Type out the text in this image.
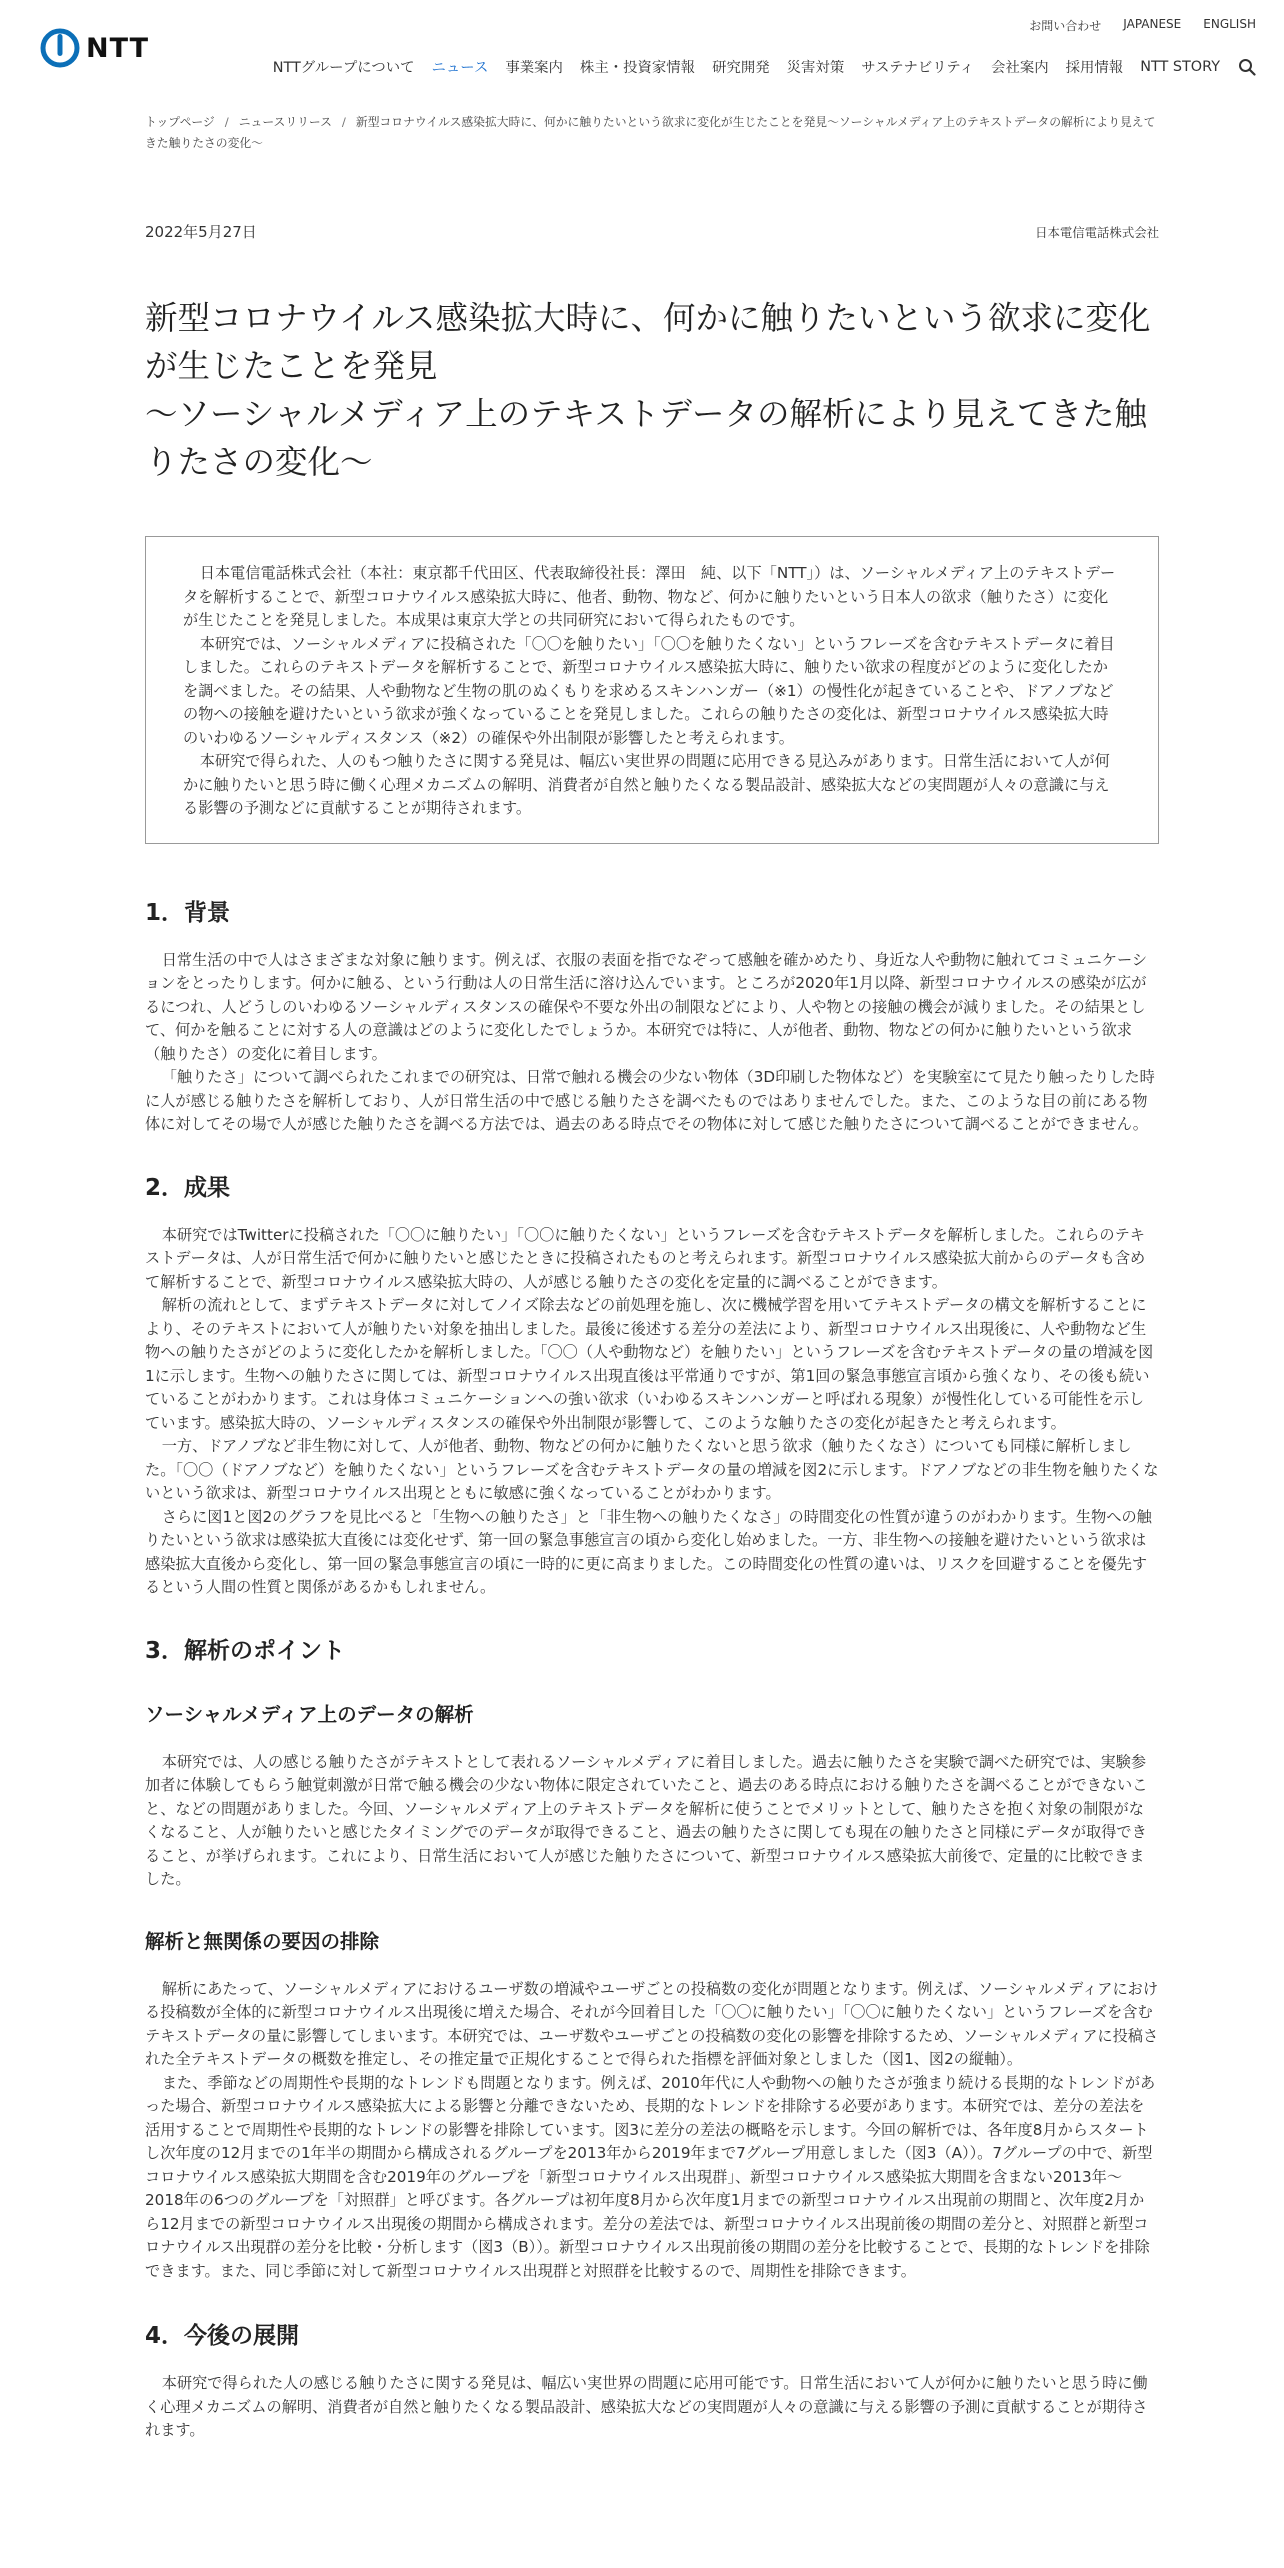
NTT
お問い合わせ JAPANESE ENGLISH
NTTグループについて ニュース 事業案内 株主・投資家情報 研究開発 災害対策 サステナビリティ 会社案内 採用情報 NTT STORY
トップページ / ニュースリリース / 新型コロナウイルス感染拡大時に、何かに触りたいという欲求に変化が生じたことを発見～ソーシャルメディア上のテキストデータの解析により見えてきた触りたさの変化～
2022年5月27日	日本電信電話株式会社
新型コロナウイルス感染拡大時に、何かに触りたいという欲求に変化が生じたことを発見
～ソーシャルメディア上のテキストデータの解析により見えてきた触りたさの変化～

日本電信電話株式会社（本社：東京都千代田区、代表取締役社長：澤田　純、以下「NTT」）は、ソーシャルメディア上のテキストデータを解析することで、新型コロナウイルス感染拡大時に、他者、動物、物など、何かに触りたいという日本人の欲求（触りたさ）に変化が生じたことを発見しました。本成果は東京大学との共同研究において得られたものです。

本研究では、ソーシャルメディアに投稿された「〇〇を触りたい」「〇〇を触りたくない」というフレーズを含むテキストデータに着目しました。これらのテキストデータを解析することで、新型コロナウイルス感染拡大時に、触りたい欲求の程度がどのように変化したかを調べました。その結果、人や動物など生物の肌のぬくもりを求めるスキンハンガー（※1）の慢性化が起きていることや、ドアノブなどの物への接触を避けたいという欲求が強くなっていることを発見しました。これらの触りたさの変化は、新型コロナウイルス感染拡大時のいわゆるソーシャルディスタンス（※2）の確保や外出制限が影響したと考えられます。

本研究で得られた、人のもつ触りたさに関する発見は、幅広い実世界の問題に応用できる見込みがあります。日常生活において人が何かに触りたいと思う時に働く心理メカニズムの解明、消費者が自然と触りたくなる製品設計、感染拡大などの実問題が人々の意識に与える影響の予測などに貢献することが期待されます。

1．背景

日常生活の中で人はさまざまな対象に触ります。例えば、衣服の表面を指でなぞって感触を確かめたり、身近な人や動物に触れてコミュニケーションをとったりします。何かに触る、という行動は人の日常生活に溶け込んでいます。ところが2020年1月以降、新型コロナウイルスの感染が広がるにつれ、人どうしのいわゆるソーシャルディスタンスの確保や不要な外出の制限などにより、人や物との接触の機会が減りました。その結果として、何かを触ることに対する人の意識はどのように変化したでしょうか。本研究では特に、人が他者、動物、物などの何かに触りたいという欲求（触りたさ）の変化に着目します。

「触りたさ」について調べられたこれまでの研究は、日常で触れる機会の少ない物体（3D印刷した物体など）を実験室にて見たり触ったりした時に人が感じる触りたさを解析しており、人が日常生活の中で感じる触りたさを調べたものではありませんでした。また、このような目の前にある物体に対してその場で人が感じた触りたさを調べる方法では、過去のある時点でその物体に対して感じた触りたさについて調べることができません。

2．成果

本研究ではTwitterに投稿された「〇〇に触りたい」「〇〇に触りたくない」というフレーズを含むテキストデータを解析しました。これらのテキストデータは、人が日常生活で何かに触りたいと感じたときに投稿されたものと考えられます。新型コロナウイルス感染拡大前からのデータも含めて解析することで、新型コロナウイルス感染拡大時の、人が感じる触りたさの変化を定量的に調べることができます。

解析の流れとして、まずテキストデータに対してノイズ除去などの前処理を施し、次に機械学習を用いてテキストデータの構文を解析することにより、そのテキストにおいて人が触りたい対象を抽出しました。最後に後述する差分の差法により、新型コロナウイルス出現後に、人や動物など生物への触りたさがどのように変化したかを解析しました。「〇〇（人や動物など）を触りたい」というフレーズを含むテキストデータの量の増減を図1に示します。生物への触りたさに関しては、新型コロナウイルス出現直後は平常通りですが、第1回の緊急事態宣言頃から強くなり、その後も続いていることがわかります。これは身体コミュニケーションへの強い欲求（いわゆるスキンハンガーと呼ばれる現象）が慢性化している可能性を示しています。感染拡大時の、ソーシャルディスタンスの確保や外出制限が影響して、このような触りたさの変化が起きたと考えられます。

一方、ドアノブなど非生物に対して、人が他者、動物、物などの何かに触りたくないと思う欲求（触りたくなさ）についても同様に解析しました。「〇〇（ドアノブなど）を触りたくない」というフレーズを含むテキストデータの量の増減を図2に示します。ドアノブなどの非生物を触りたくないという欲求は、新型コロナウイルス出現とともに敏感に強くなっていることがわかります。

さらに図1と図2のグラフを見比べると「生物への触りたさ」と「非生物への触りたくなさ」の時間変化の性質が違うのがわかります。生物への触りたいという欲求は感染拡大直後には変化せず、第一回の緊急事態宣言の頃から変化し始めました。一方、非生物への接触を避けたいという欲求は感染拡大直後から変化し、第一回の緊急事態宣言の頃に一時的に更に高まりました。この時間変化の性質の違いは、リスクを回避することを優先するという人間の性質と関係があるかもしれません。

3．解析のポイント
ソーシャルメディア上のデータの解析

本研究では、人の感じる触りたさがテキストとして表れるソーシャルメディアに着目しました。過去に触りたさを実験で調べた研究では、実験参加者に体験してもらう触覚刺激が日常で触る機会の少ない物体に限定されていたこと、過去のある時点における触りたさを調べることができないこと、などの問題がありました。今回、ソーシャルメディア上のテキストデータを解析に使うことでメリットとして、触りたさを抱く対象の制限がなくなること、人が触りたいと感じたタイミングでのデータが取得できること、過去の触りたさに関しても現在の触りたさと同様にデータが取得できること、が挙げられます。これにより、日常生活において人が感じた触りたさについて、新型コロナウイルス感染拡大前後で、定量的に比較できました。

解析と無関係の要因の排除

解析にあたって、ソーシャルメディアにおけるユーザ数の増減やユーザごとの投稿数の変化が問題となります。例えば、ソーシャルメディアにおける投稿数が全体的に新型コロナウイルス出現後に増えた場合、それが今回着目した「〇〇に触りたい」「〇〇に触りたくない」というフレーズを含むテキストデータの量に影響してしまいます。本研究では、ユーザ数やユーザごとの投稿数の変化の影響を排除するため、ソーシャルメディアに投稿された全テキストデータの概数を推定し、その推定量で正規化することで得られた指標を評価対象としました（図1、図2の縦軸）。

また、季節などの周期性や長期的なトレンドも問題となります。例えば、2010年代に人や動物への触りたさが強まり続ける長期的なトレンドがあった場合、新型コロナウイルス感染拡大による影響と分離できないため、長期的なトレンドを排除する必要があります。本研究では、差分の差法を活用することで周期性や長期的なトレンドの影響を排除しています。図3に差分の差法の概略を示します。今回の解析では、各年度8月からスタートし次年度の12月までの1年半の期間から構成されるグループを2013年から2019年まで7グループ用意しました（図3（A））。7グループの中で、新型コロナウイルス感染拡大期間を含む2019年のグループを「新型コロナウイルス出現群」、新型コロナウイルス感染拡大期間を含まない2013年～2018年の6つのグループを「対照群」と呼びます。各グループは初年度8月から次年度1月までの新型コロナウイルス出現前の期間と、次年度2月から12月までの新型コロナウイルス出現後の期間から構成されます。差分の差法では、新型コロナウイルス出現前後の期間の差分と、対照群と新型コロナウイルス出現群の差分を比較・分析します（図3（B））。新型コロナウイルス出現前後の期間の差分を比較することで、長期的なトレンドを排除できます。また、同じ季節に対して新型コロナウイルス出現群と対照群を比較するので、周期性を排除できます。

4．今後の展開

本研究で得られた人の感じる触りたさに関する発見は、幅広い実世界の問題に応用可能です。日常生活において人が何かに触りたいと思う時に働く心理メカニズムの解明、消費者が自然と触りたくなる製品設計、感染拡大などの実問題が人々の意識に与える影響の予測に貢献することが期待されます。
